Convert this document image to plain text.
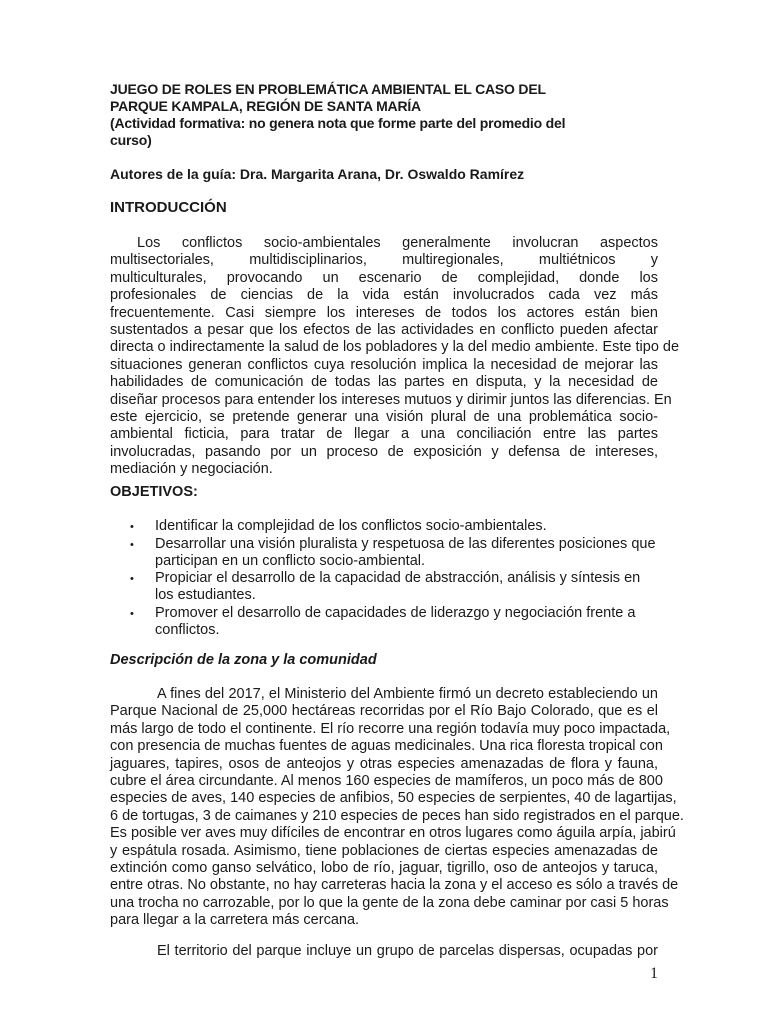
JUEGO DE ROLES EN PROBLEMÁTICA AMBIENTAL EL CASO DEL
PARQUE KAMPALA, REGIÓN DE SANTA MARÍA
(Actividad formativa: no genera nota que forme parte del promedio del
curso)
Autores de la guía: Dra. Margarita Arana, Dr. Oswaldo Ramírez
INTRODUCCIÓN
Los conflictos socio-ambientales generalmente involucran aspectos
multisectoriales, multidisciplinarios, multiregionales, multiétnicos y
multiculturales, provocando un escenario de complejidad, donde los
profesionales de ciencias de la vida están involucrados cada vez más
frecuentemente. Casi siempre los intereses de todos los actores están bien
sustentados a pesar que los efectos de las actividades en conflicto pueden afectar
directa o indirectamente la salud de los pobladores y la del medio ambiente. Este tipo de
situaciones generan conflictos cuya resolución implica la necesidad de mejorar las
habilidades de comunicación de todas las partes en disputa, y la necesidad de
diseñar procesos para entender los intereses mutuos y dirimir juntos las diferencias. En
este ejercicio, se pretende generar una visión plural de una problemática socio-
ambiental ficticia, para tratar de llegar a una conciliación entre las partes
involucradas, pasando por un proceso de exposición y defensa de intereses,
mediación y negociación.
OBJETIVOS:
• Identificar la complejidad de los conflictos socio-ambientales.
• Desarrollar una visión pluralista y respetuosa de las diferentes posiciones que
participan en un conflicto socio-ambiental.
• Propiciar el desarrollo de la capacidad de abstracción, análisis y síntesis en
los estudiantes.
• Promover el desarrollo de capacidades de liderazgo y negociación frente a
conflictos.
Descripción de la zona y la comunidad
A fines del 2017, el Ministerio del Ambiente firmó un decreto estableciendo un
Parque Nacional de 25,000 hectáreas recorridas por el Río Bajo Colorado, que es el
más largo de todo el continente. El río recorre una región todavía muy poco impactada,
con presencia de muchas fuentes de aguas medicinales. Una rica floresta tropical con
jaguares, tapires, osos de anteojos y otras especies amenazadas de flora y fauna,
cubre el área circundante. Al menos 160 especies de mamíferos, un poco más de 800
especies de aves, 140 especies de anfibios, 50 especies de serpientes, 40 de lagartijas,
6 de tortugas, 3 de caimanes y 210 especies de peces han sido registrados en el parque.
Es posible ver aves muy difíciles de encontrar en otros lugares como águila arpía, jabirú
y espátula rosada. Asimismo, tiene poblaciones de ciertas especies amenazadas de
extinción como ganso selvático, lobo de río, jaguar, tigrillo, oso de anteojos y taruca,
entre otras. No obstante, no hay carreteras hacia la zona y el acceso es sólo a través de
una trocha no carrozable, por lo que la gente de la zona debe caminar por casi 5 horas
para llegar a la carretera más cercana.
El territorio del parque incluye un grupo de parcelas dispersas, ocupadas por
1
